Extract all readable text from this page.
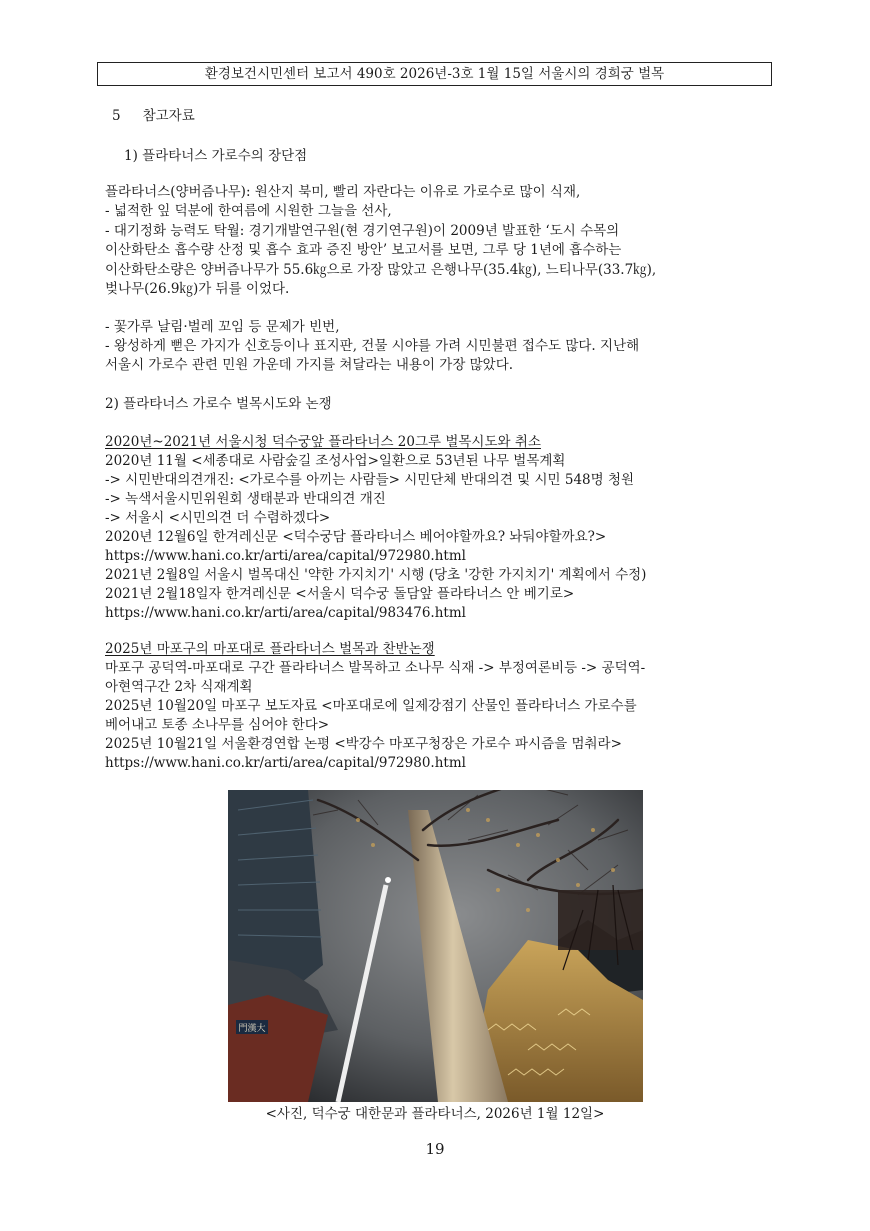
환경보건시민센터 보고서 490호 2026년-3호 1월 15일 서울시의 경희궁 벌목
5 참고자료
1) 플라타너스 가로수의 장단점
플라타너스(양버즘나무): 원산지 북미, 빨리 자란다는 이유로 가로수로 많이 식재,
- 넓적한 잎 덕분에 한여름에 시원한 그늘을 선사,
- 대기정화 능력도 탁월: 경기개발연구원(현 경기연구원)이 2009년 발표한 ‘도시 수목의
이산화탄소 흡수량 산정 및 흡수 효과 증진 방안’ 보고서를 보면, 그루 당 1년에 흡수하는
이산화탄소량은 양버즘나무가 55.6㎏으로 가장 많았고 은행나무(35.4㎏), 느티나무(33.7㎏),
벚나무(26.9㎏)가 뒤를 이었다.
- 꽃가루 날림·벌레 꼬임 등 문제가 빈번,
- 왕성하게 뻗은 가지가 신호등이나 표지판, 건물 시야를 가려 시민불편 접수도 많다. 지난해
서울시 가로수 관련 민원 가운데 가지를 쳐달라는 내용이 가장 많았다.
2) 플라타너스 가로수 벌목시도와 논쟁
2020년~2021년 서울시청 덕수궁앞 플라타너스 20그루 벌목시도와 취소
2020년 11월 <세종대로 사람숲길 조성사업>일환으로 53년된 나무 벌목계획
-> 시민반대의견개진: <가로수를 아끼는 사람들> 시민단체 반대의견 및 시민 548명 청원
-> 녹색서울시민위원회 생태분과 반대의견 개진
-> 서울시 <시민의견 더 수렴하겠다>
2020년 12월6일 한겨레신문 <덕수궁담 플라타너스 베어야할까요? 놔둬야할까요?>
https://www.hani.co.kr/arti/area/capital/972980.html
2021년 2월8일 서울시 벌목대신 '약한 가지치기' 시행 (당초 '강한 가지치기' 계획에서 수정)
2021년 2월18일자 한겨레신문 <서울시 덕수궁 돌담앞 플라타너스 안 베기로>
https://www.hani.co.kr/arti/area/capital/983476.html
2025년 마포구의 마포대로 플라타너스 벌목과 찬반논쟁
마포구 공덕역-마포대로 구간 플라타너스 발목하고 소나무 식재 -> 부정여론비등 -> 공덕역-
아현역구간 2차 식재계획
2025년 10월20일 마포구 보도자료 <마포대로에 일제강점기 산물인 플라타너스 가로수를
베어내고 토종 소나무를 심어야 한다>
2025년 10월21일 서울환경연합 논평 <박강수 마포구청장은 가로수 파시즘을 멈춰라>
https://www.hani.co.kr/arti/area/capital/972980.html
門漢大
<사진, 덕수궁 대한문과 플라타너스, 2026년 1월 12일>
19
